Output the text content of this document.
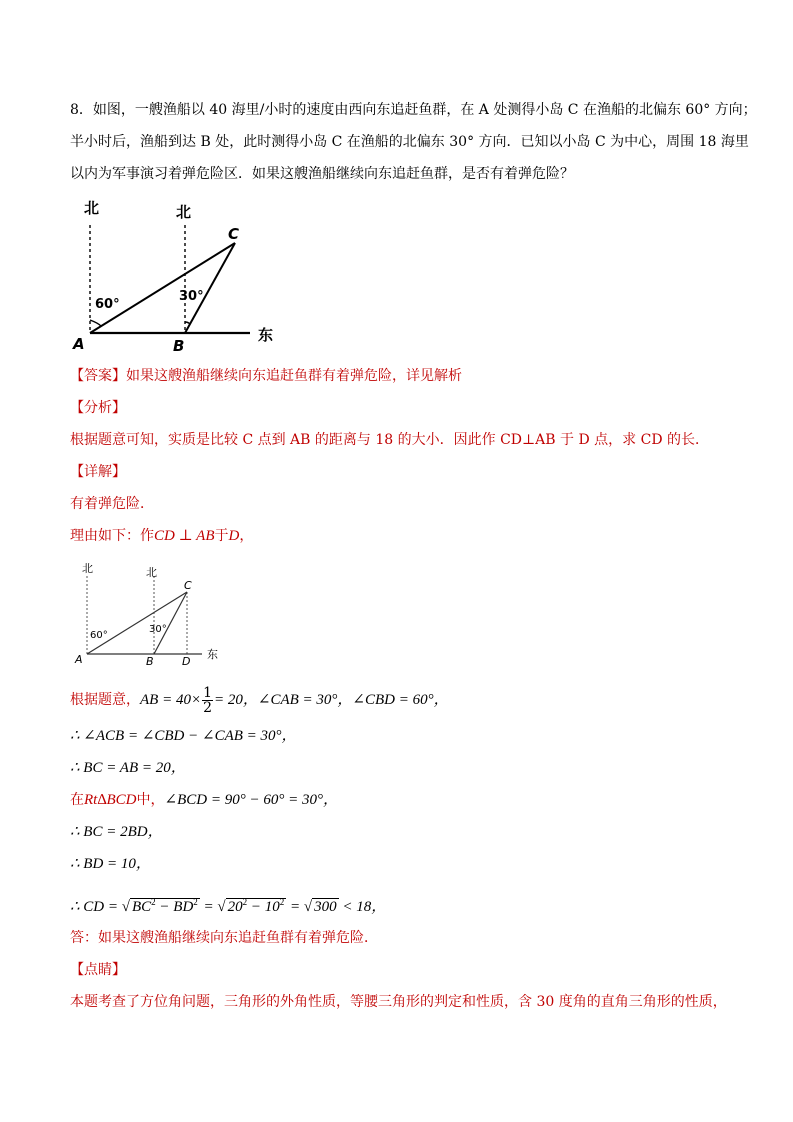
8．如图，一艘渔船以 40 海里/小时的速度由西向东追赶鱼群，在 A 处测得小岛 C 在渔船的北偏东 60° 方向；
半小时后，渔船到达 B 处，此时测得小岛 C 在渔船的北偏东 30° 方向．已知以小岛 C 为中心，周围 18 海里
以内为军事演习着弹危险区．如果这艘渔船继续向东追赶鱼群，是否有着弹危险？
北	北
东
60°
30°
A	B
C
【答案】如果这艘渔船继续向东追赶鱼群有着弹危险，详见解析
【分析】
根据题意可知，实质是比较 C 点到 AB 的距离与 18 的大小．因此作 CD⊥AB 于 D 点，求 CD 的长．
【详解】
有着弹危险．
理由如下：作CD ⊥ AB于D，
北	北
东
60°
30°
A	B
C
D
根据题意，AB = $40\times \frac{1}{2} = 20$，∠CAB = 30°，∠CBD = 60°，
∴ ∠ACB = ∠CBD − ∠CAB = 30°，
∴ BC = AB = 20，
在Rt∆BCD中，∠BCD = 90° − 60° = 30°，
∴ BC = 2BD，
∴ BD = 10，
∴ CD = √ $BC^2 - BD^2$ = √ $20^2 - 10^2$ = √ 300 < 18，
答：如果这艘渔船继续向东追赶鱼群有着弹危险．
【点睛】
本题考查了方位角问题，三角形的外角性质，等腰三角形的判定和性质，含 30 度角的直角三角形的性质，
